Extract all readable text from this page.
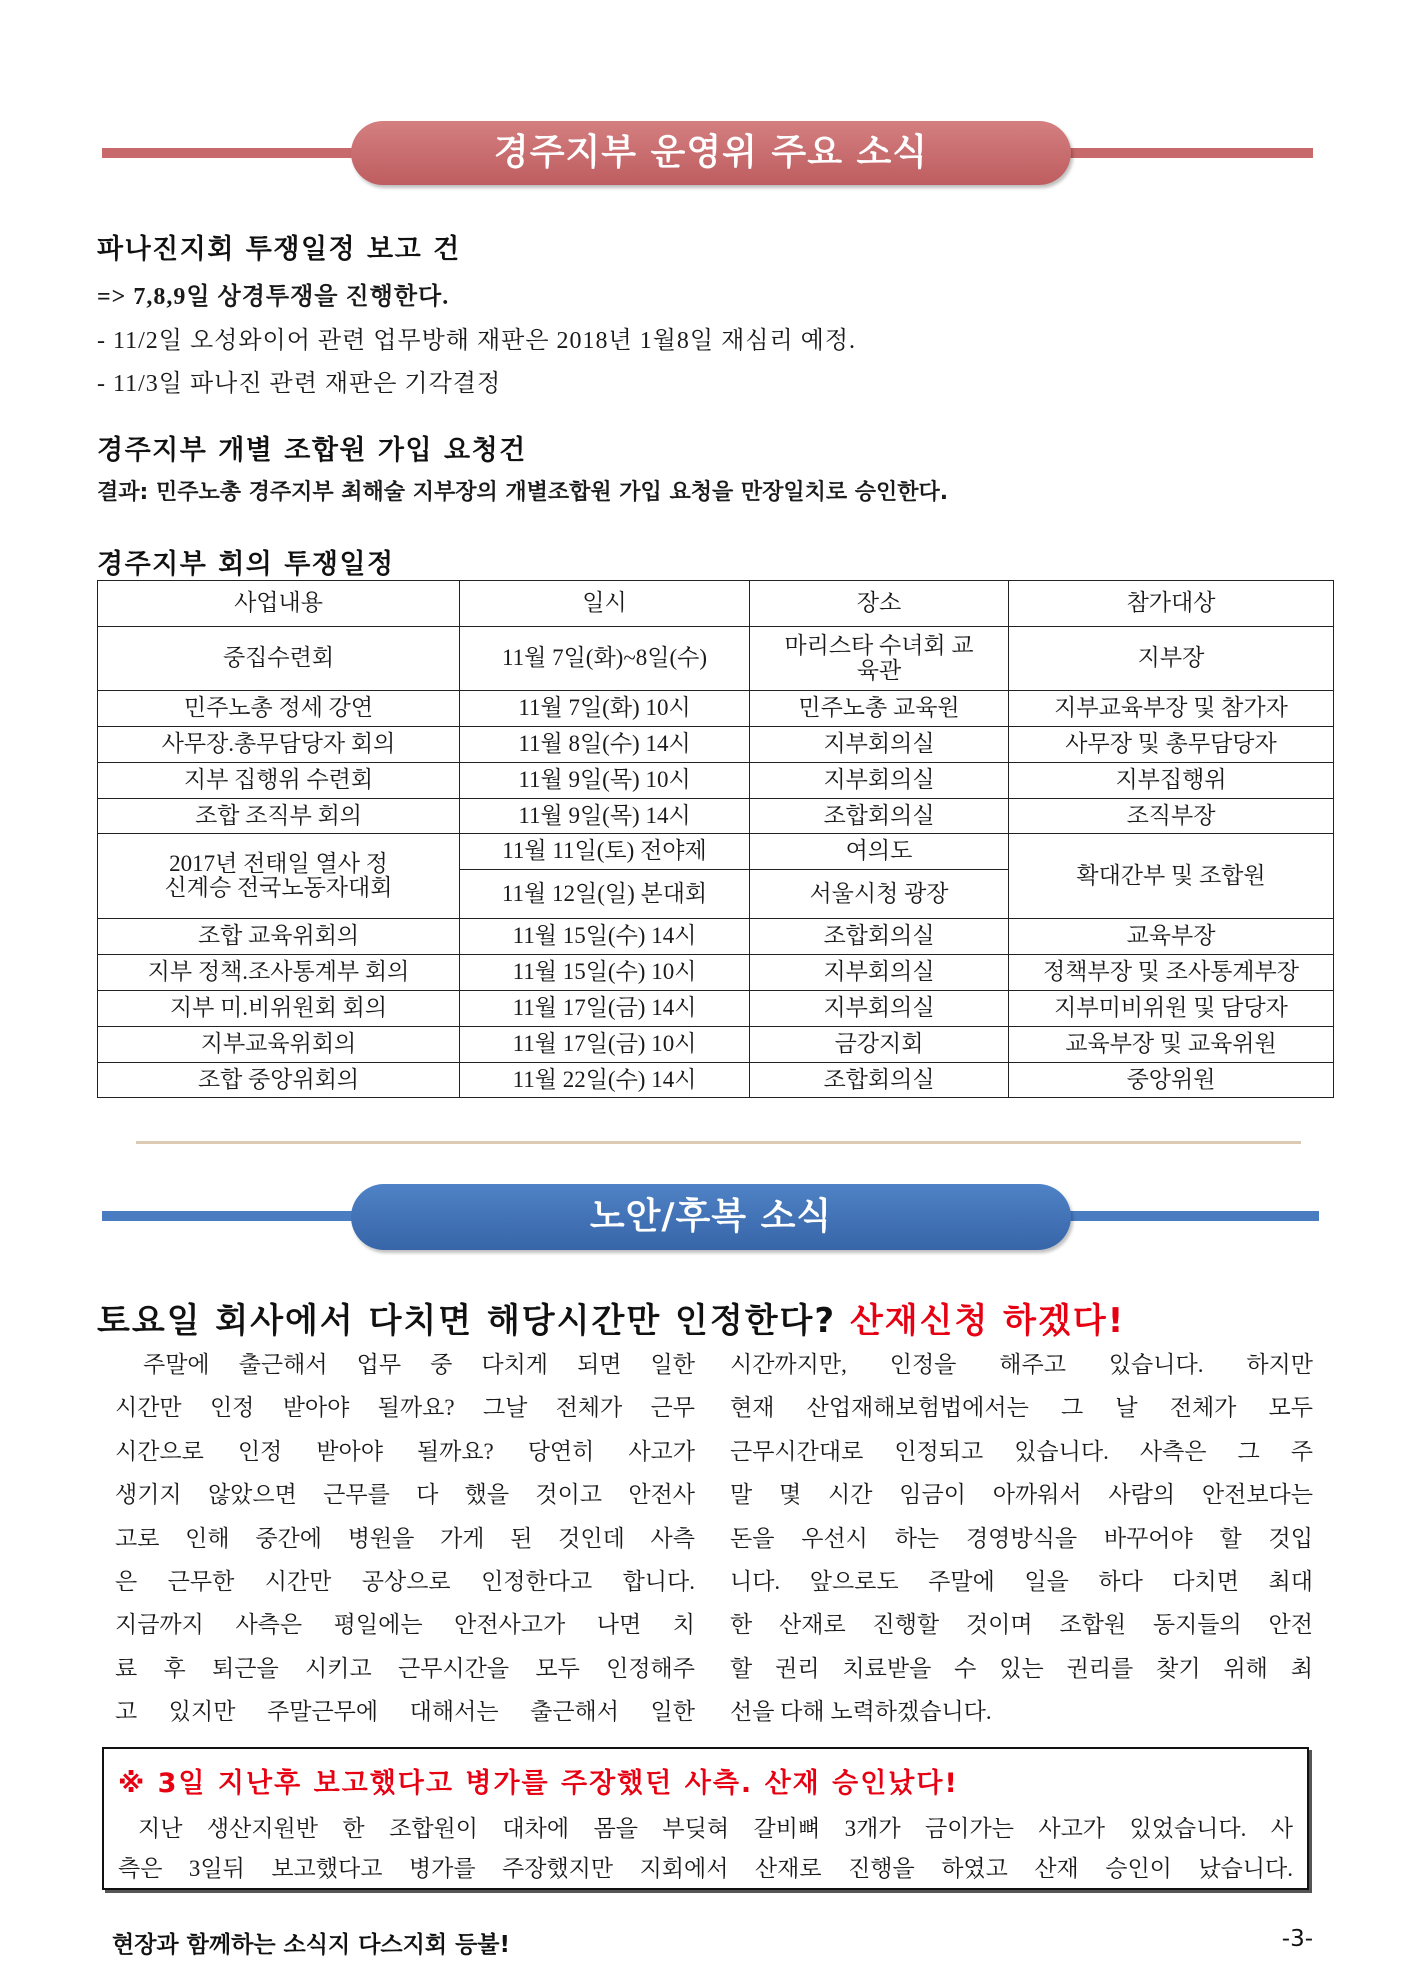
경주지부 운영위 주요 소식
파나진지회 투쟁일정 보고 건
=> 7,8,9일 상경투쟁을 진행한다.
- 11/2일 오성와이어 관련 업무방해 재판은 2018년 1월8일 재심리 예정.
- 11/3일 파나진 관련 재판은 기각결정
경주지부 개별 조합원 가입 요청건
결과: 민주노총 경주지부 최해술 지부장의 개별조합원 가입 요청을 만장일치로 승인한다.
경주지부 회의 투쟁일정
사업내용	일시	장소	참가대상
중집수련회	11월 7일(화)~8일(수)	마리스타 수녀회 교육관	지부장
민주노총 정세 강연	11월 7일(화) 10시	민주노총 교육원	지부교육부장 및 참가자
사무장.총무담당자 회의	11월 8일(수) 14시	지부회의실	사무장 및 총무담당자
지부 집행위 수련회	11월 9일(목) 10시	지부회의실	지부집행위
조합 조직부 회의	11월 9일(목) 14시	조합회의실	조직부장
2017년 전태일 열사 정신계승 전국노동자대회	11월 11일(토) 전야제	여의도	확대간부 및 조합원
	11월 12일(일) 본대회	서울시청 광장	
조합 교육위회의	11월 15일(수) 14시	조합회의실	교육부장
지부 정책.조사통계부 회의	11월 15일(수) 10시	지부회의실	정책부장 및 조사통계부장
지부 미.비위원회 회의	11월 17일(금) 14시	지부회의실	지부미비위원 및 담당자
지부교육위회의	11월 17일(금) 10시	금강지회	교육부장 및 교육위원
조합 중앙위회의	11월 22일(수) 14시	조합회의실	중앙위원
노안/후복 소식
토요일 회사에서 다치면 해당시간만 인정한다? 산재신청 하겠다!
주말에 출근해서 업무 중 다치게 되면 일한
시간만 인정 받아야 될까요? 그날 전체가 근무
시간으로 인정 받아야 될까요? 당연히 사고가
생기지 않았으면 근무를 다 했을 것이고 안전사
고로 인해 중간에 병원을 가게 된 것인데 사측
은 근무한 시간만 공상으로 인정한다고 합니다.
지금까지 사측은 평일에는 안전사고가 나면 치
료 후 퇴근을 시키고 근무시간을 모두 인정해주
고 있지만 주말근무에 대해서는 출근해서 일한
시간까지만, 인정을 해주고 있습니다. 하지만
현재 산업재해보험법에서는 그 날 전체가 모두
근무시간대로 인정되고 있습니다. 사측은 그 주
말 몇 시간 임금이 아까워서 사람의 안전보다는
돈을 우선시 하는 경영방식을 바꾸어야 할 것입
니다. 앞으로도 주말에 일을 하다 다치면 최대
한 산재로 진행할 것이며 조합원 동지들의 안전
할 권리 치료받을 수 있는 권리를 찾기 위해 최
선을 다해 노력하겠습니다.
※ 3일 지난후 보고했다고 병가를 주장했던 사측. 산재 승인났다!
지난 생산지원반 한 조합원이 대차에 몸을 부딪혀 갈비뼈 3개가 금이가는 사고가 있었습니다. 사
측은 3일뒤 보고했다고 병가를 주장했지만 지회에서 산재로 진행을 하였고 산재 승인이 났습니다.
현장과 함께하는 소식지 다스지회 등불!	-3-
